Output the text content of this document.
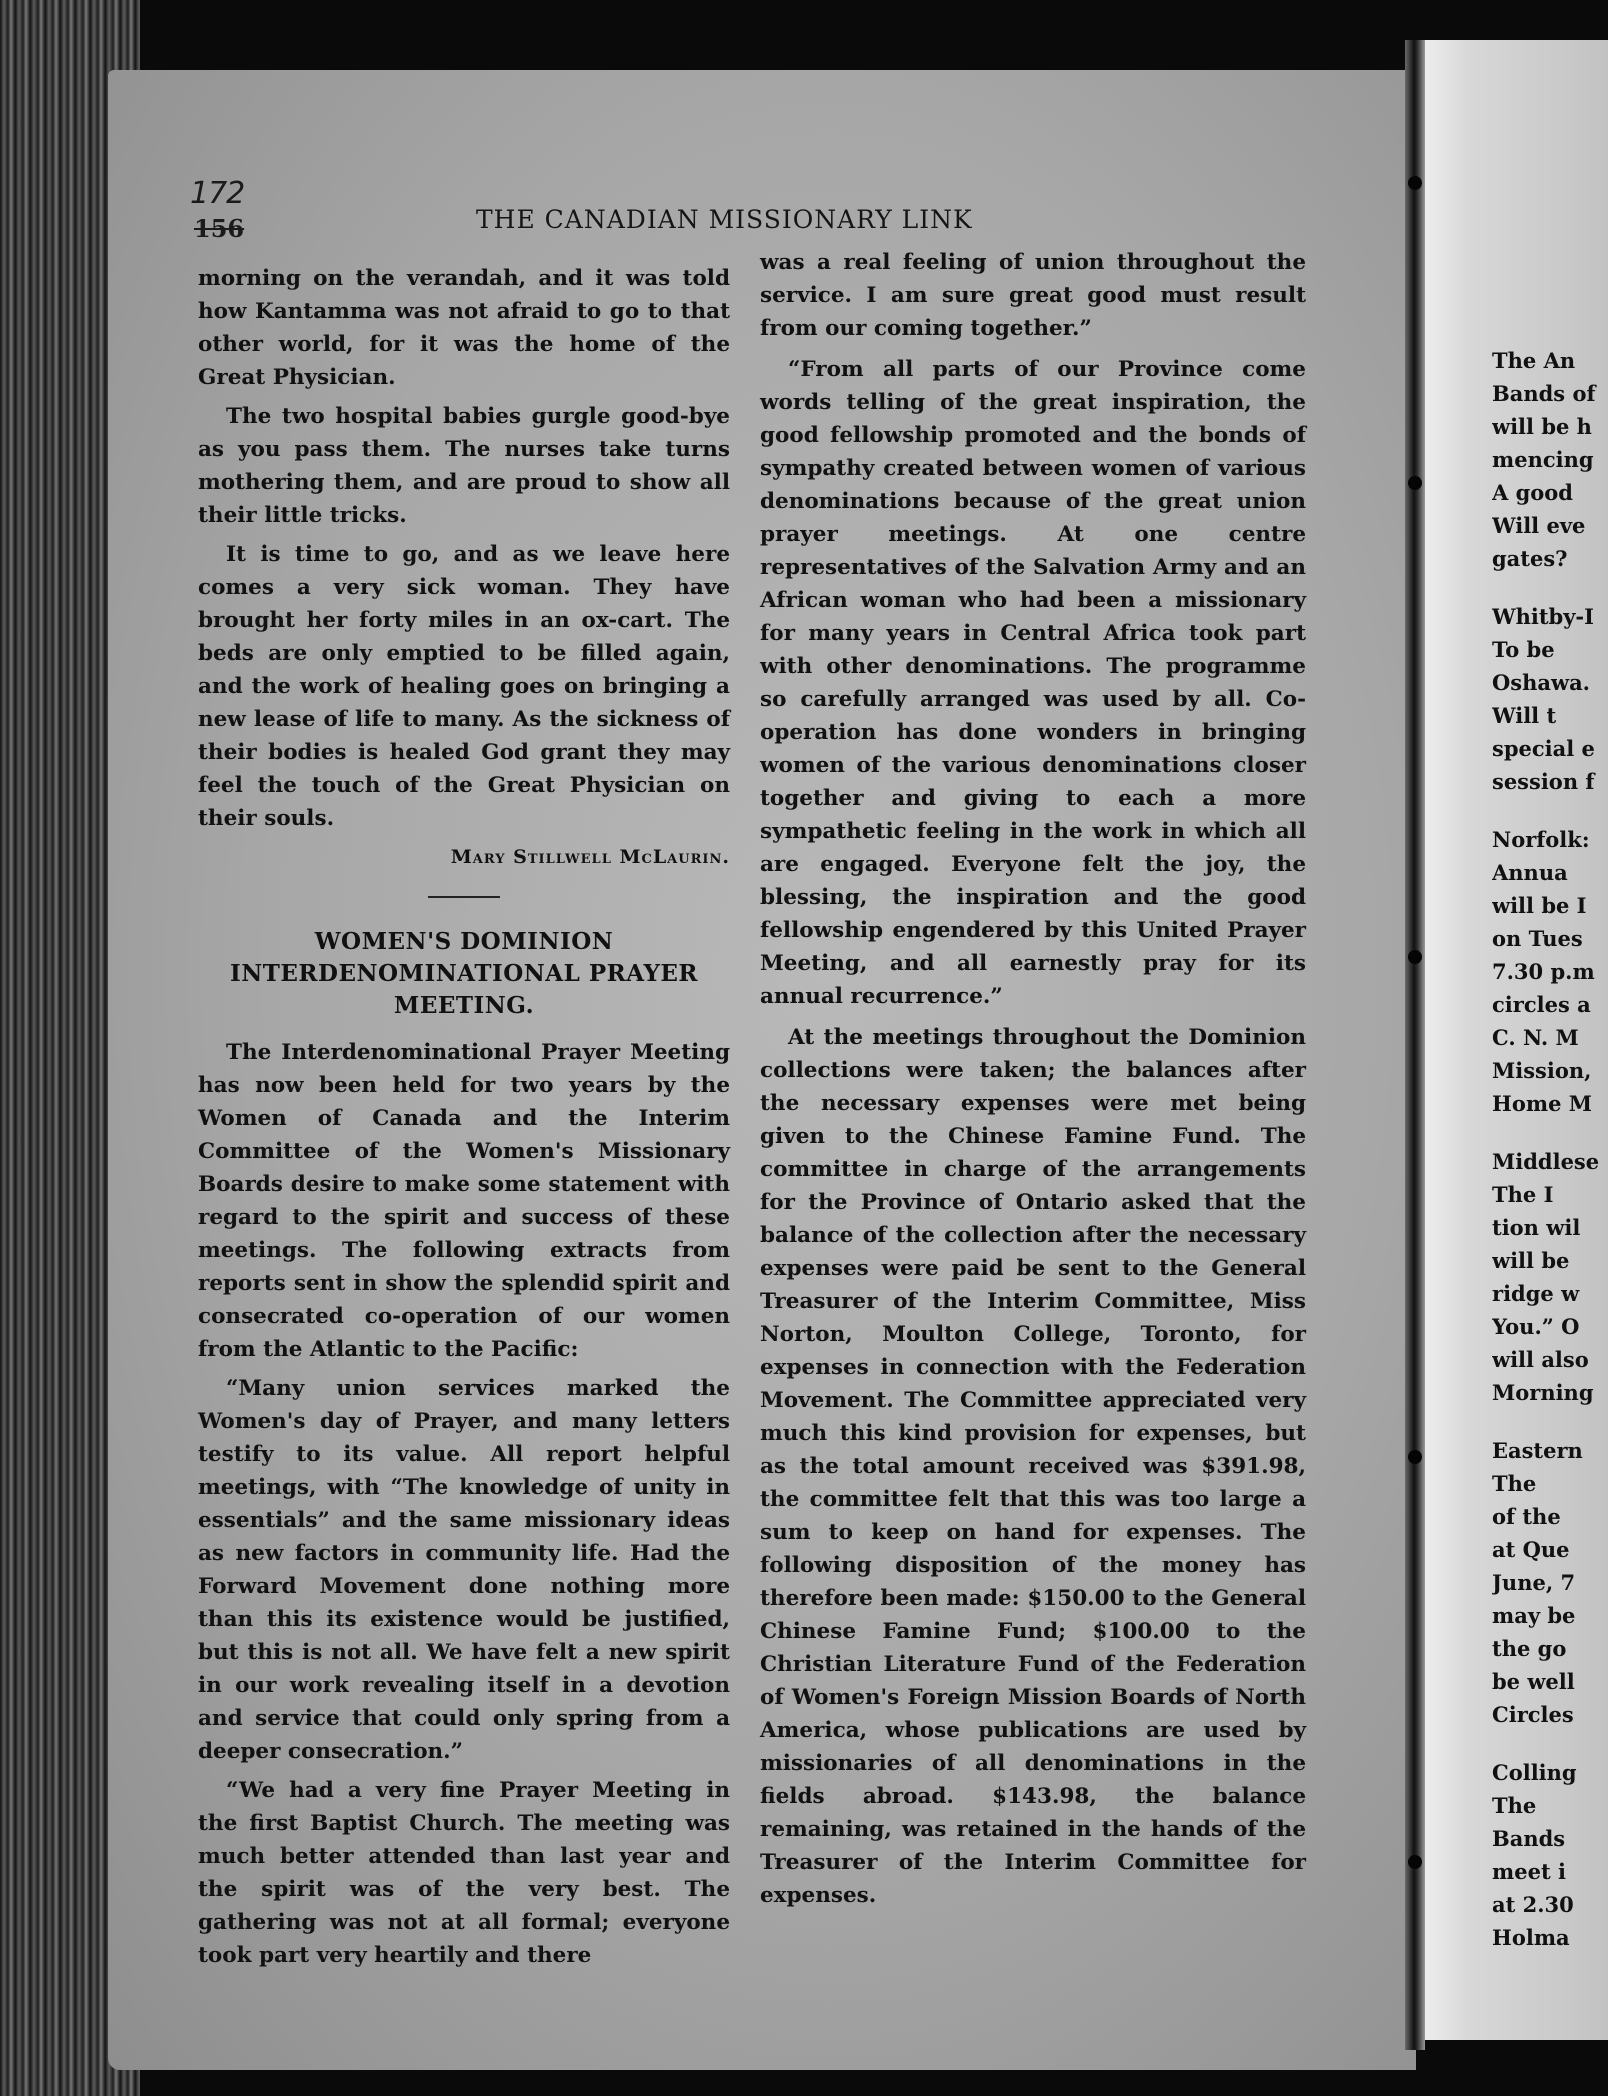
172
156	THE CANADIAN MISSIONARY LINK

morning on the verandah, and it was told how Kantamma was not afraid to go to that other world, for it was the home of the Great Physician.

The two hospital babies gurgle good-bye as you pass them. The nurses take turns mothering them, and are proud to show all their little tricks.

It is time to go, and as we leave here comes a very sick woman. They have brought her forty miles in an ox-cart. The beds are only emptied to be filled again, and the work of healing goes on bringing a new lease of life to many. As the sickness of their bodies is healed God grant they may feel the touch of the Great Physician on their souls.

Mary Stillwell McLaurin.

WOMEN'S DOMINION INTERDENOMINATIONAL PRAYER MEETING.

The Interdenominational Prayer Meeting has now been held for two years by the Women of Canada and the Interim Committee of the Women's Missionary Boards desire to make some statement with regard to the spirit and success of these meetings. The following extracts from reports sent in show the splendid spirit and consecrated co-operation of our women from the Atlantic to the Pacific:

“Many union services marked the Women's day of Prayer, and many letters testify to its value. All report helpful meetings, with “The knowledge of unity in essentials” and the same missionary ideas as new factors in community life. Had the Forward Movement done nothing more than this its existence would be justified, but this is not all. We have felt a new spirit in our work revealing itself in a devotion and service that could only spring from a deeper consecration.”

“We had a very fine Prayer Meeting in the first Baptist Church. The meeting was much better attended than last year and the spirit was of the very best. The gathering was not at all formal; everyone took part very heartily and there

was a real feeling of union throughout the service. I am sure great good must result from our coming together.”

“From all parts of our Province come words telling of the great inspiration, the good fellowship promoted and the bonds of sympathy created between women of various denominations because of the great union prayer meetings. At one centre representatives of the Salvation Army and an African woman who had been a missionary for many years in Central Africa took part with other denominations. The programme so carefully arranged was used by all. Co-operation has done wonders in bringing women of the various denominations closer together and giving to each a more sympathetic feeling in the work in which all are engaged. Everyone felt the joy, the blessing, the inspiration and the good fellowship engendered by this United Prayer Meeting, and all earnestly pray for its annual recurrence.”

At the meetings throughout the Dominion collections were taken; the balances after the necessary expenses were met being given to the Chinese Famine Fund. The committee in charge of the arrangements for the Province of Ontario asked that the balance of the collection after the necessary expenses were paid be sent to the General Treasurer of the Interim Committee, Miss Norton, Moulton College, Toronto, for expenses in connection with the Federation Movement. The Committee appreciated very much this kind provision for expenses, but as the total amount received was $391.98, the committee felt that this was too large a sum to keep on hand for expenses. The following disposition of the money has therefore been made: $150.00 to the General Chinese Famine Fund; $100.00 to the Christian Literature Fund of the Federation of Women's Foreign Mission Boards of North America, whose publications are used by missionaries of all denominations in the fields abroad. $143.98, the balance remaining, was retained in the hands of the Treasurer of the Interim Committee for expenses.

The An
Bands of
will be h
mencing
A good
Will eve
gates?
Whitby-I
To be
Oshawa.
Will t
special e
session f
Norfolk:
Annua
will be I
on Tues
7.30 p.m
circles a
C. N. M
Mission,
Home M
Middlese
The I
tion wil
will be
ridge w
You.” O
will also
Morning
Eastern
The
of the
at Que
June, 7
may be
the go
be well
Circles
Colling
The
Bands
meet i
at 2.30
Holma
